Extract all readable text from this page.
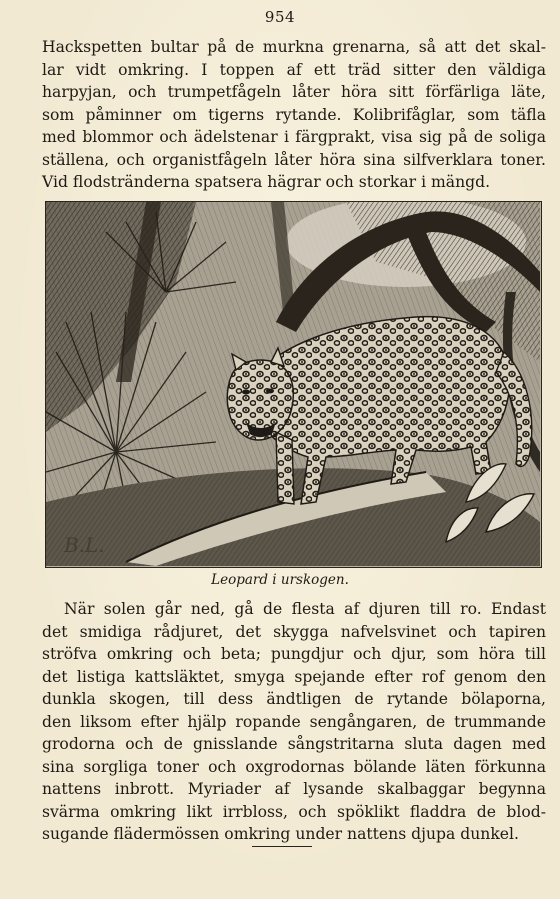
954

Hackspetten bultar på de murkna grenarna, så att det skal-
lar vidt omkring. I toppen af ett träd sitter den väldiga
harpyjan, och trumpetfågeln låter höra sitt förfärliga läte,
som påminner om tigerns rytande. Kolibrifåglar, som täfla
med blommor och ädelstenar i färgprakt, visa sig på de soliga
ställena, och organistfågeln låter höra sina silfverklara toner.
Vid flodstränderna spatsera hägrar och storkar i mängd.

B.L.
Leopard i urskogen.

När solen går ned, gå de flesta af djuren till ro. Endast
det smidiga rådjuret, det skygga nafvelsvinet och tapiren
ströfva omkring och beta; pungdjur och djur, som höra till
det listiga kattsläktet, smyga spejande efter rof genom den
dunkla skogen, till dess ändtligen de rytande bölaporna,
den liksom efter hjälp ropande sengångaren, de trummande
grodorna och de gnisslande sångstritarna sluta dagen med
sina sorgliga toner och oxgrodornas bölande läten förkunna
nattens inbrott. Myriader af lysande skalbaggar begynna
svärma omkring likt irrbloss, och spöklikt fladdra de blod-
sugande flädermössen omkring under nattens djupa dunkel.
